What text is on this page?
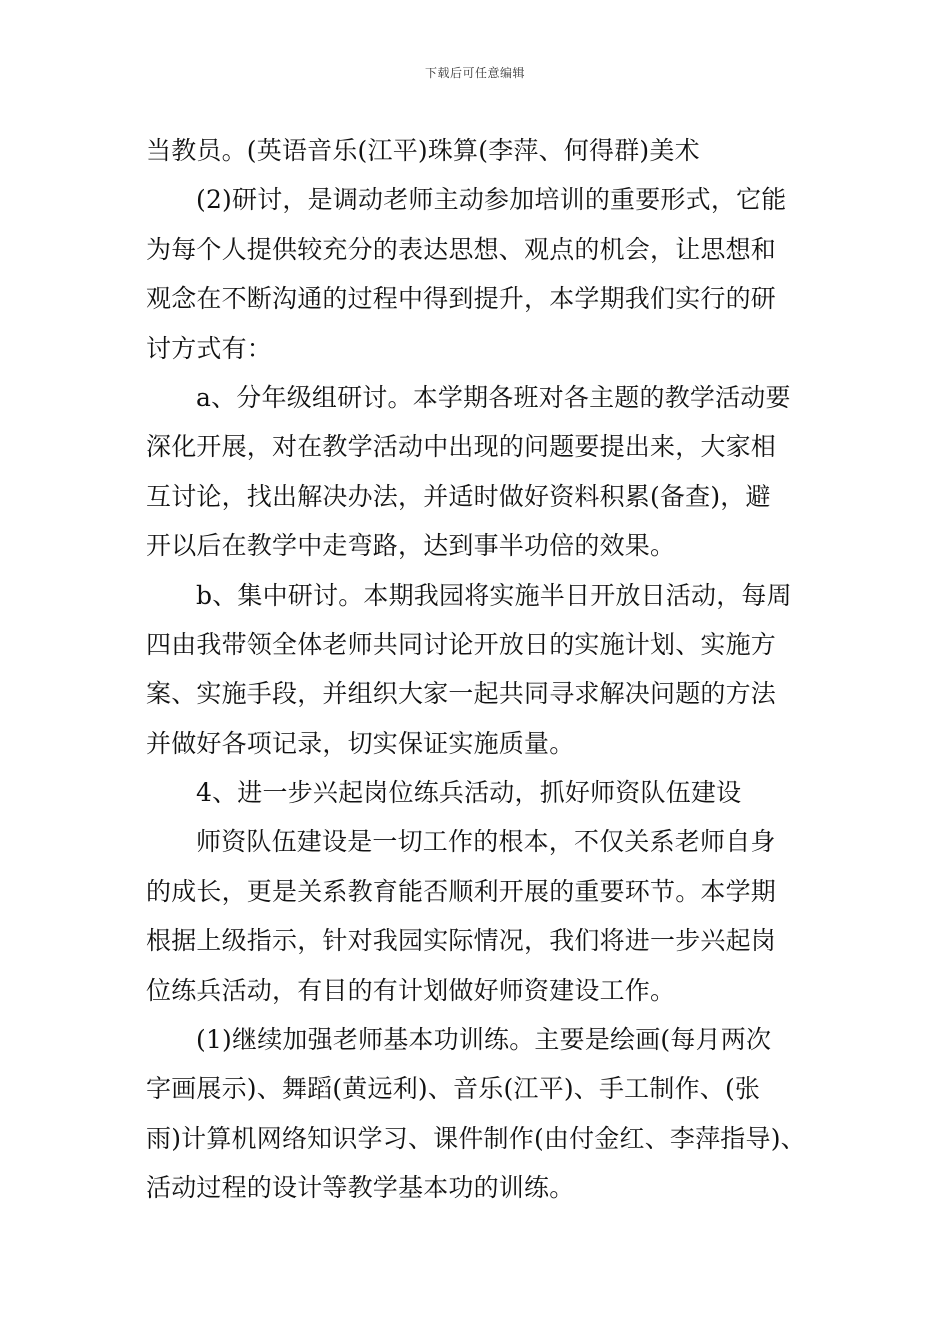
下载后可任意编辑
当教员。(英语音乐(江平)珠算(李萍、何得群)美术
(2)研讨，是调动老师主动参加培训的重要形式，它能
为每个人提供较充分的表达思想、观点的机会，让思想和
观念在不断沟通的过程中得到提升，本学期我们实行的研
讨方式有：
a、分年级组研讨。本学期各班对各主题的教学活动要
深化开展，对在教学活动中出现的问题要提出来，大家相
互讨论，找出解决办法，并适时做好资料积累(备查)，避
开以后在教学中走弯路，达到事半功倍的效果。
b、集中研讨。本期我园将实施半日开放日活动，每周
四由我带领全体老师共同讨论开放日的实施计划、实施方
案、实施手段，并组织大家一起共同寻求解决问题的方法
并做好各项记录，切实保证实施质量。
4、进一步兴起岗位练兵活动，抓好师资队伍建设
师资队伍建设是一切工作的根本，不仅关系老师自身
的成长，更是关系教育能否顺利开展的重要环节。本学期
根据上级指示，针对我园实际情况，我们将进一步兴起岗
位练兵活动，有目的有计划做好师资建设工作。
(1)继续加强老师基本功训练。主要是绘画(每月两次
字画展示)、舞蹈(黄远利)、音乐(江平)、手工制作、(张
雨)计算机网络知识学习、课件制作(由付金红、李萍指导)、
活动过程的设计等教学基本功的训练。
